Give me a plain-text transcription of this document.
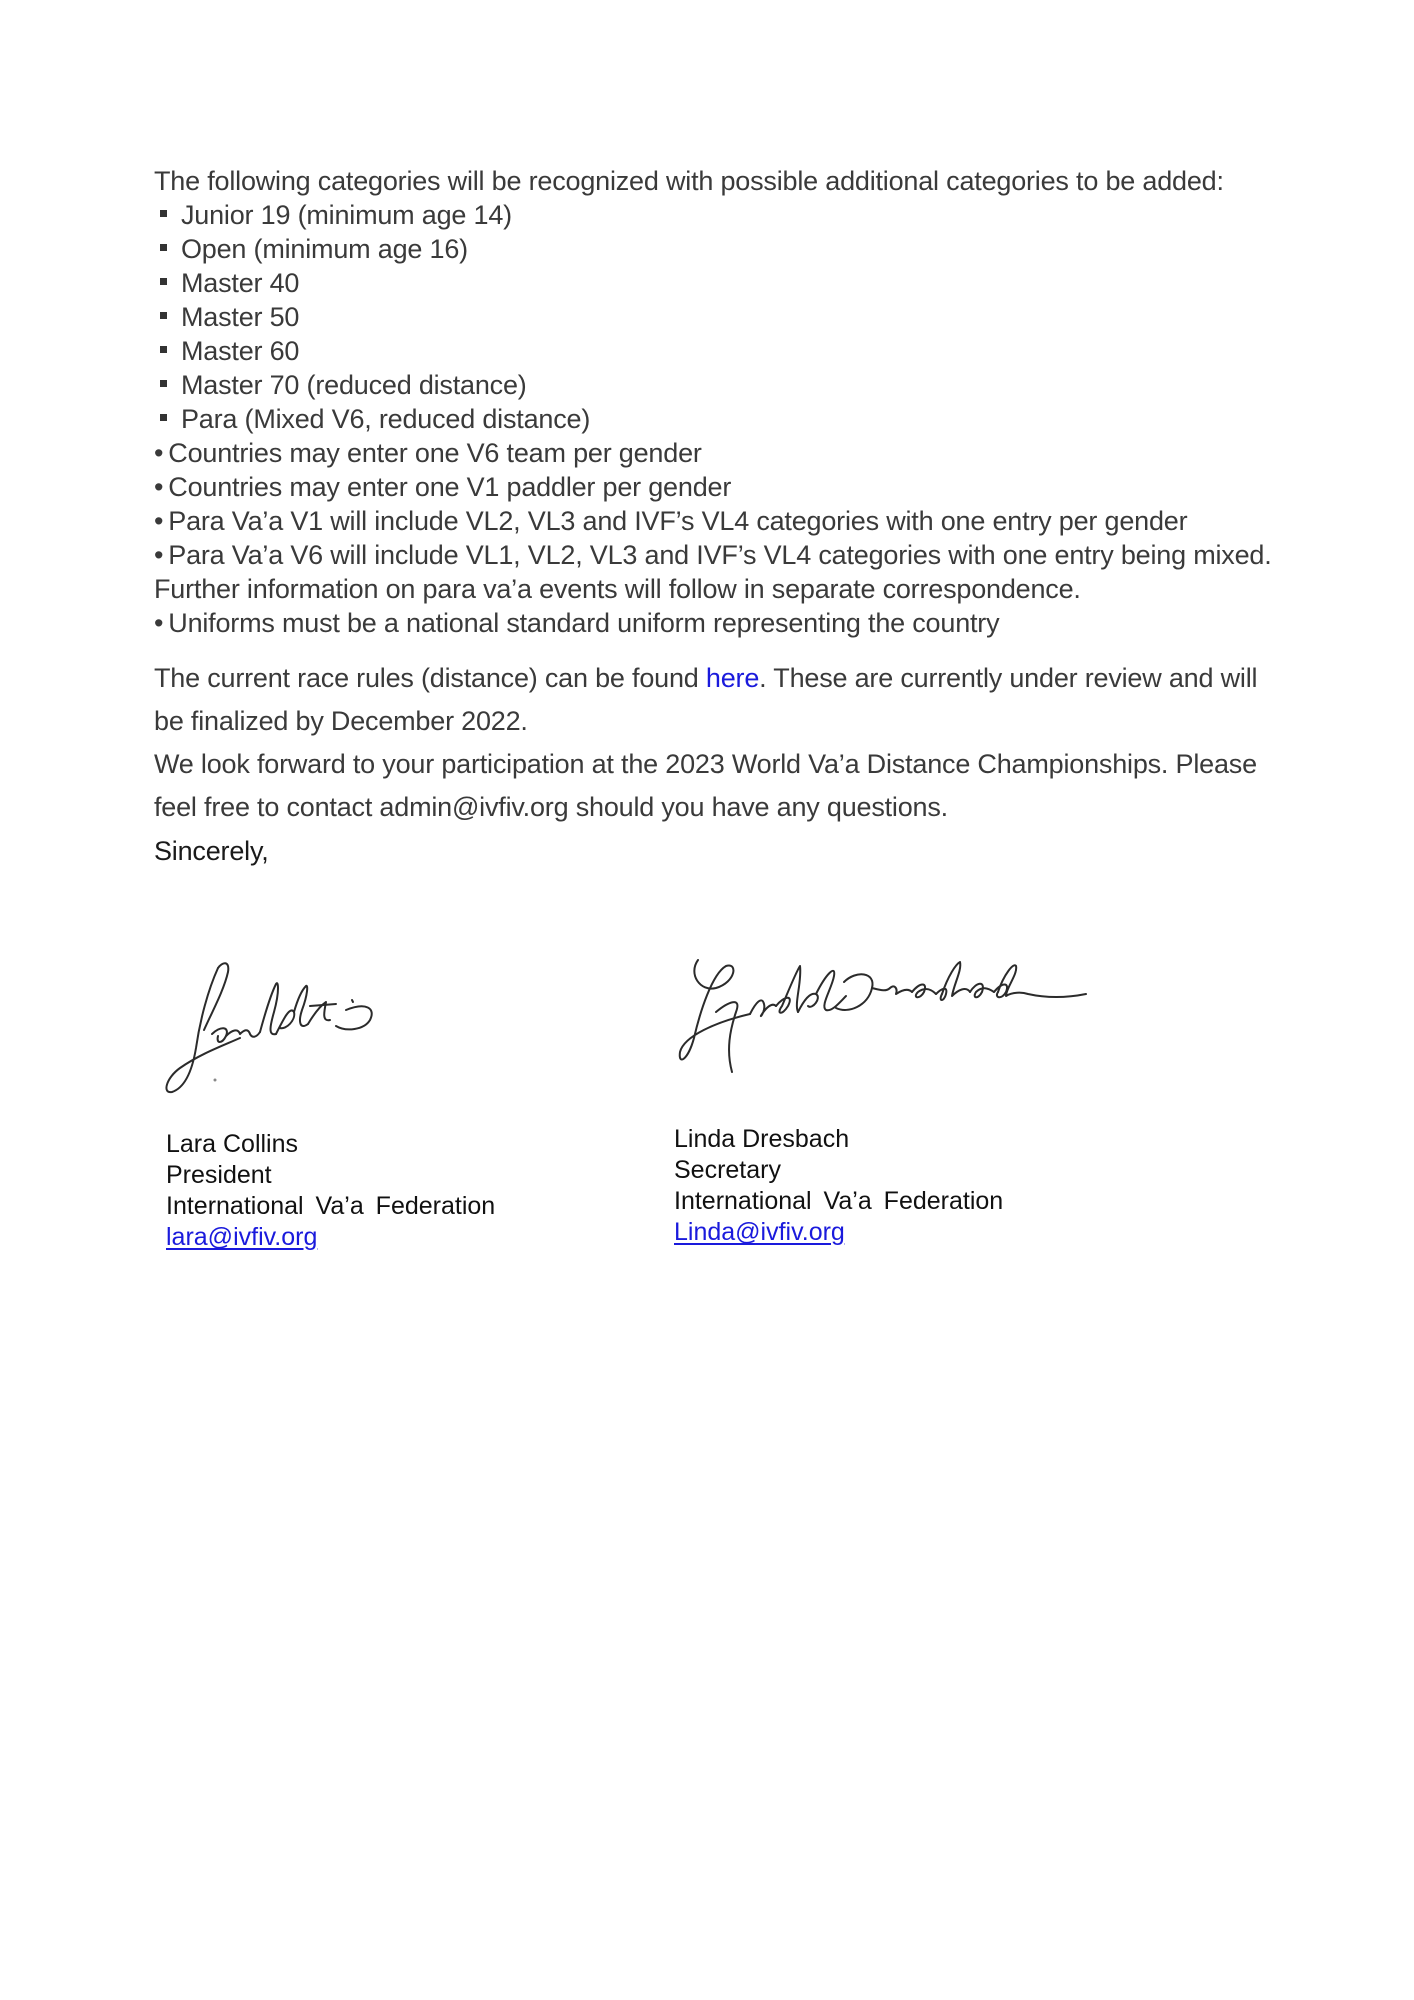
The following categories will be recognized with possible additional categories to be added:

Junior 19 (minimum age 14)
Open (minimum age 16)
Master 40
Master 50
Master 60
Master 70 (reduced distance)
Para (Mixed V6, reduced distance)
• Countries may enter one V6 team per gender
• Countries may enter one V1 paddler per gender
• Para Va’a V1 will include VL2, VL3 and IVF’s VL4 categories with one entry per gender
• Para Va’a V6 will include VL1, VL2, VL3 and IVF’s VL4 categories with one entry being mixed. Further information on para va’a events will follow in separate correspondence.
• Uniforms must be a national standard uniform representing the country

The current race rules (distance) can be found here. These are currently under review and will be finalized by December 2022.

We look forward to your participation at the 2023 World Va’a Distance Championships. Please feel free to contact admin@ivfiv.org should you have any questions.

Sincerely,

Lara Collins
President
International Va’a Federation
lara@ivfiv.org
Linda Dresbach
Secretary
International Va’a Federation
Linda@ivfiv.org
